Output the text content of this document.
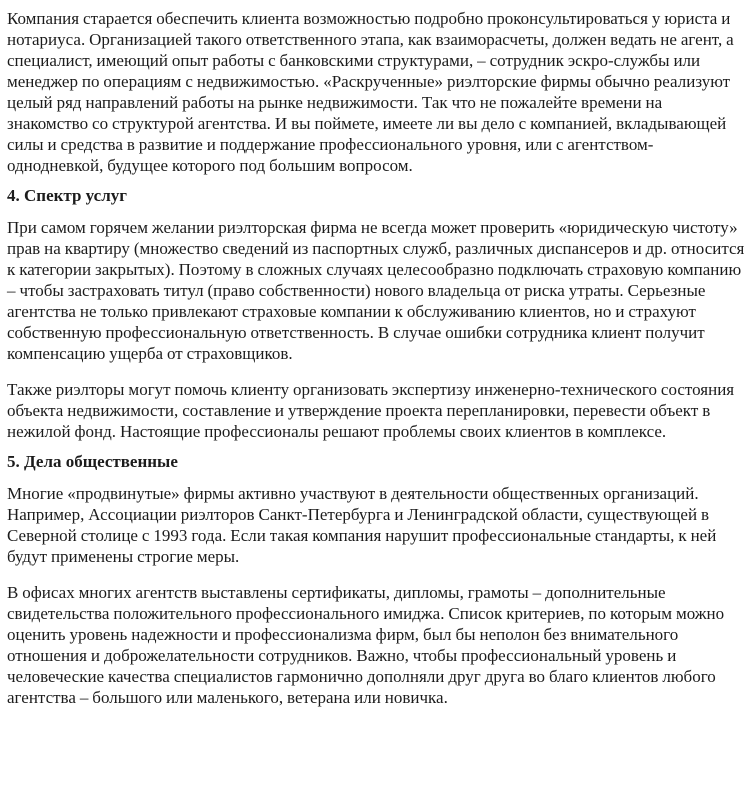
Компания старается обеспечить клиента возможностью подробно проконсультироваться у юриста и нотариуса. Организацией такого ответственного этапа, как взаиморасчеты, должен ведать не агент, а специалист, имеющий опыт работы с банковскими структурами, – сотрудник эскро-службы или менеджер по операциям с недвижимостью. «Раскрученные» риэлторские фирмы обычно реализуют целый ряд направлений работы на рынке недвижимости. Так что не пожалейте времени на знакомство со структурой агентства. И вы поймете, имеете ли вы дело с компанией, вкладывающей силы и средства в развитие и поддержание профессионального уровня, или с агентством-однодневкой, будущее которого под большим вопросом.

4. Спектр услуг

При самом горячем желании риэлторская фирма не всегда может проверить «юридическую чистоту» прав на квартиру (множество сведений из паспортных служб, различных диспансеров и др. относится к категории закрытых). Поэтому в сложных случаях целесообразно подключать страховую компанию – чтобы застраховать титул (право собственности) нового владельца от риска утраты. Серьезные агентства не только привлекают страховые компании к обслуживанию клиентов, но и страхуют собственную профессиональную ответственность. В случае ошибки сотрудника клиент получит компенсацию ущерба от страховщиков.

Также риэлторы могут помочь клиенту организовать экспертизу инженерно-технического состояния объекта недвижимости, составление и утверждение проекта перепланировки, перевести объект в нежилой фонд. Настоящие профессионалы решают проблемы своих клиентов в комплексе.

5. Дела общественные

Многие «продвинутые» фирмы активно участвуют в деятельности общественных организаций. Например, Ассоциации риэлторов Санкт-Петербурга и Ленинградской области, существующей в Северной столице с 1993 года. Если такая компания нарушит профессиональные стандарты, к ней будут применены строгие меры.

В офисах многих агентств выставлены сертификаты, дипломы, грамоты – дополнительные свидетельства положительного профессионального имиджа. Список критериев, по которым можно оценить уровень надежности и профессионализма фирм, был бы неполон без внимательного отношения и доброжелательности сотрудников. Важно, чтобы профессиональный уровень и человеческие качества специалистов гармонично дополняли друг друга во благо клиентов любого агентства – большого или маленького, ветерана или новичка.
